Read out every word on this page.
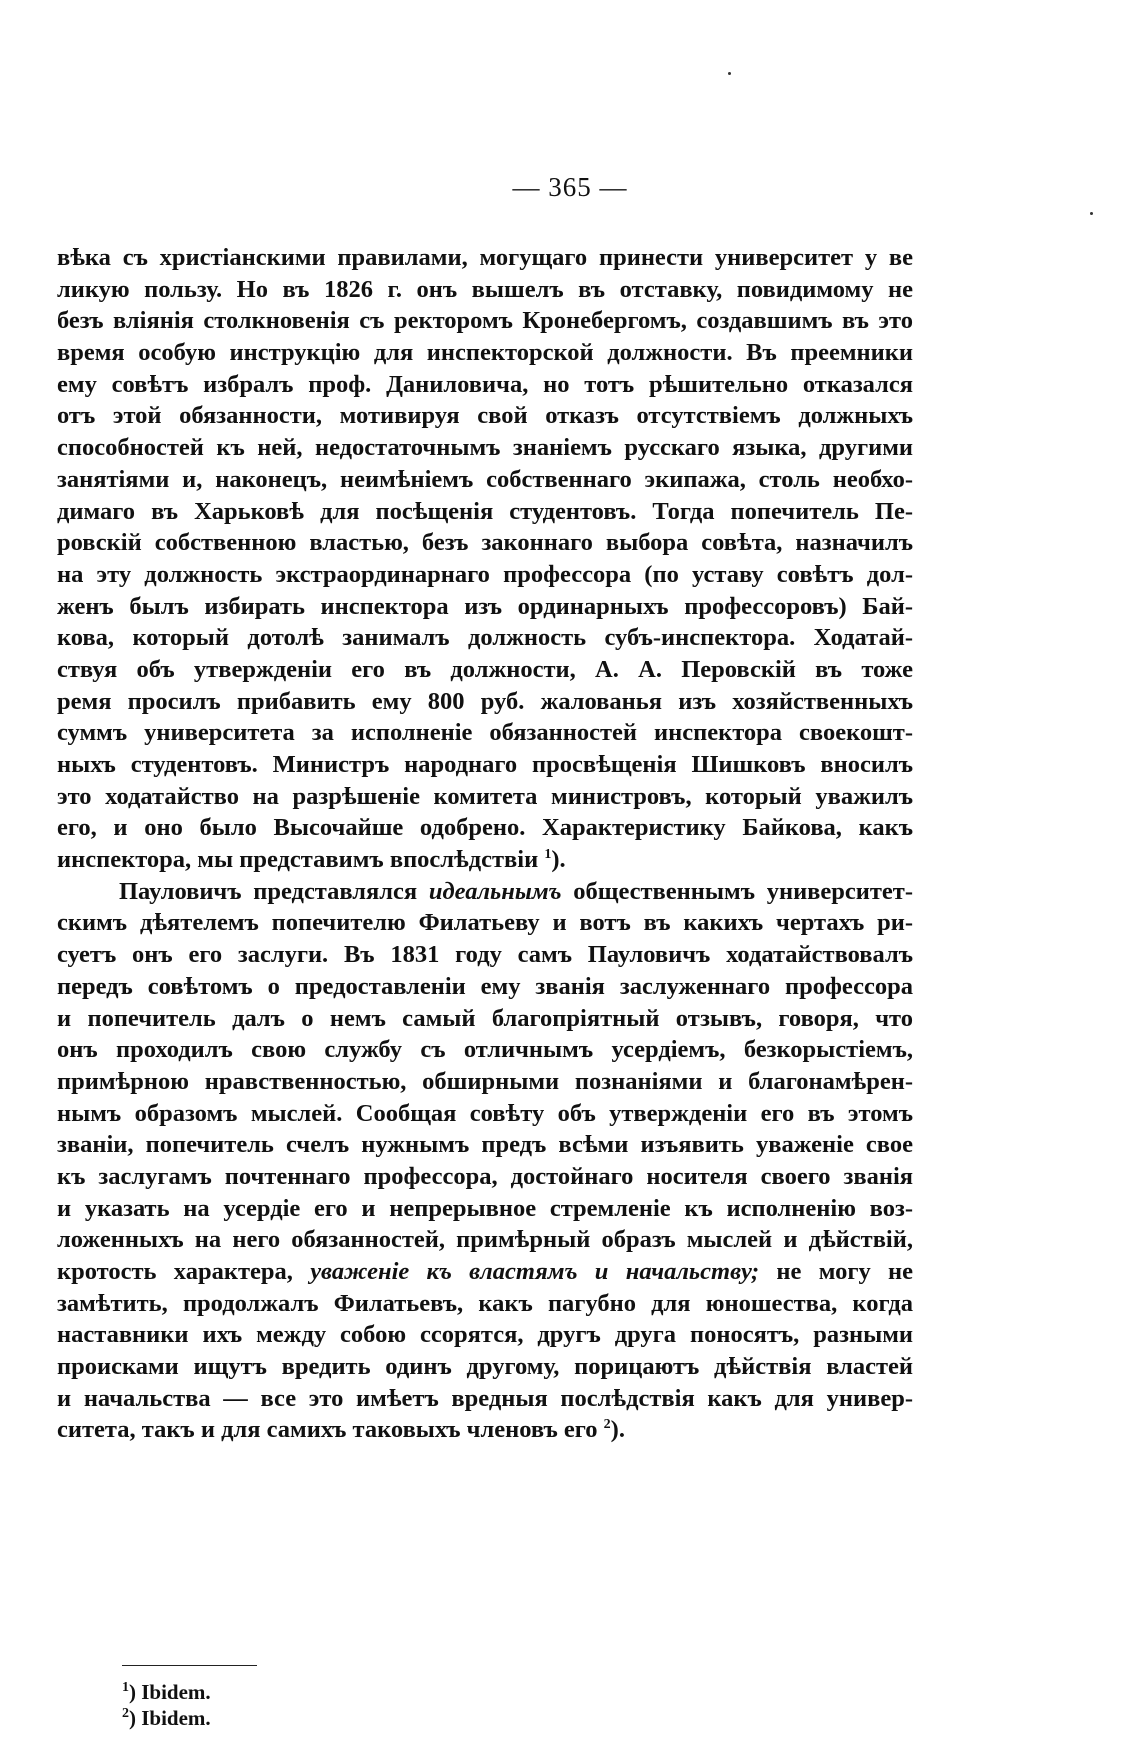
— 365 —
вѣка съ христіанскими правилами, могущаго принести университет у ве
ликую пользу. Но въ 1826 г. онъ вышелъ въ отставку, повидимому не
безъ вліянія столкновенія съ ректоромъ Кронебергомъ, создавшимъ въ это
время особую инструкцію для инспекторской должности. Въ преемники
ему совѣтъ избралъ проф. Даниловича, но тотъ рѣшительно отказался
отъ этой обязанности, мотивируя свой отказъ отсутствіемъ должныхъ
способностей къ ней, недостаточнымъ знаніемъ русскаго языка, другими
занятіями и, наконецъ, неимѣніемъ собственнаго экипажа, столь необхо-
димаго въ Харьковѣ для посѣщенія студентовъ. Тогда попечитель Пе-
ровскій собственною властью, безъ законнаго выбора совѣта, назначилъ
на эту должность экстраординарнаго профессора (по уставу совѣтъ дол-
женъ былъ избирать инспектора изъ ординарныхъ профессоровъ) Бай-
кова, который дотолѣ занималъ должность субъ-инспектора. Ходатай-
ствуя объ утвержденіи его въ должности, А. А. Перовскій въ тоже
ремя просилъ прибавить ему 800 руб. жалованья изъ хозяйственныхъ
суммъ университета за исполненіе обязанностей инспектора своекошт-
ныхъ студентовъ. Министръ народнаго просвѣщенія Шишковъ вносилъ
это ходатайство на разрѣшеніе комитета министровъ, который уважилъ
его, и оно было Высочайше одобрено. Характеристику Байкова, какъ
инспектора, мы представимъ впослѣдствіи $^1$).
Пауловичъ представлялся идеальнымъ общественнымъ университет-
скимъ дѣятелемъ попечителю Филатьеву и вотъ въ какихъ чертахъ ри-
суетъ онъ его заслуги. Въ 1831 году самъ Пауловичъ ходатайствовалъ
передъ совѣтомъ о предоставленіи ему званія заслуженнаго профессора
и попечитель далъ о немъ самый благопріятный отзывъ, говоря, что
онъ проходилъ свою службу съ отличнымъ усердіемъ, безкорыстіемъ,
примѣрною нравственностью, обширными познаніями и благонамѣрен-
нымъ образомъ мыслей. Сообщая совѣту объ утвержденіи его въ этомъ
званіи, попечитель счелъ нужнымъ предъ всѣми изъявить уваженіе свое
къ заслугамъ почтеннаго профессора, достойнаго носителя своего званія
и указать на усердіе его и непрерывное стремленіе къ исполненію воз-
ложенныхъ на него обязанностей, примѣрный образъ мыслей и дѣйствій,
кротость характера, уваженіе къ властямъ и начальству; не могу не
замѣтить, продолжалъ Филатьевъ, какъ пагубно для юношества, когда
наставники ихъ между собою ссорятся, другъ друга поносятъ, разными
происками ищутъ вредить одинъ другому, порицаютъ дѣйствія властей
и начальства — все это имѣетъ вредныя послѣдствія какъ для универ-
ситета, такъ и для самихъ таковыхъ членовъ его $^2$).
$^1$) Ibidem.
$^2$) Ibidem.
